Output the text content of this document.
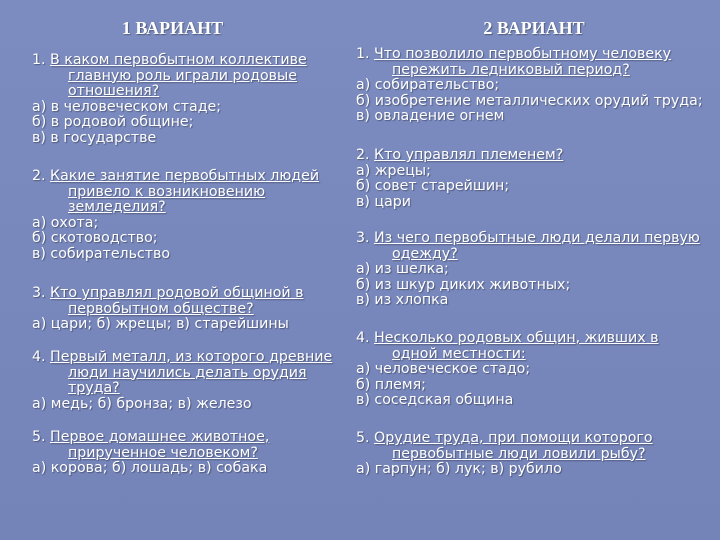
1 ВАРИАНТ
1. В каком первобытном коллективе
главную роль играли родовые
отношения?
а) в человеческом стаде;
б) в родовой общине;
в) в государстве
2. Какие занятие первобытных людей
привело к возникновению
земледелия?
а) охота;
б) скотоводство;
в) собирательство
3. Кто управлял родовой общиной в
первобытном обществе?
а) цари; б) жрецы; в) старейшины
4. Первый металл, из которого древние
люди научились делать орудия
труда?
а) медь; б) бронза; в) железо
5. Первое домашнее животное,
прирученное человеком?
а) корова; б) лошадь; в) собака
2 ВАРИАНТ
1. Что позволило первобытному человеку
пережить ледниковый период?
а) собирательство;
б) изобретение металлических орудий труда;
в) овладение огнем
2. Кто управлял племенем?
а) жрецы;
б) совет старейшин;
в) цари
3. Из чего первобытные люди делали первую
одежду?
а) из шелка;
б) из шкур диких животных;
в) из хлопка
4. Несколько родовых общин, живших в
одной местности:
а) человеческое стадо;
б) племя;
в) соседская община
5. Орудие труда, при помощи которого
первобытные люди ловили рыбу?
а) гарпун; б) лук; в) рубило
